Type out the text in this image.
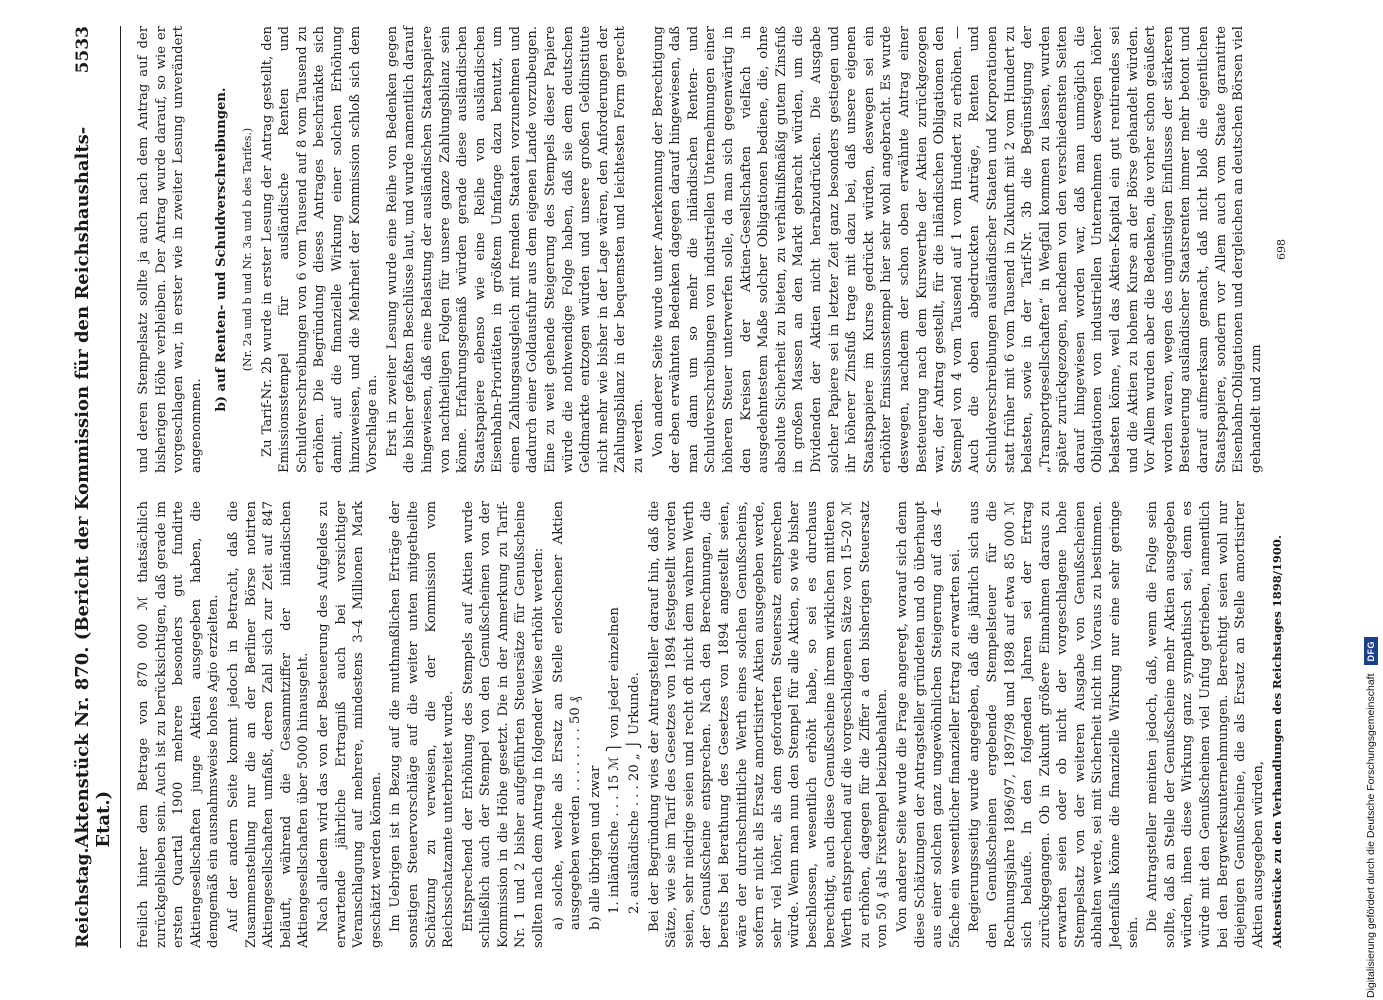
Reichstag.
Aktenstück Nr. 870. (Bericht der Kommission für den Reichshaushalts-Etat.)
5533

freilich hinter dem Betrage von 870 000 ℳ thatsächlich zurückgeblieben sein. Auch ist zu berücksichtigen, daß gerade im ersten Quartal 1900 mehrere besonders gut fundirte Aktiengesellschaften junge Aktien ausgegeben haben, die demgemäß ein ausnahmsweise hohes Agio erzielten. Auf der andern Seite kommt jedoch in Betracht, daß die Zusammenstellung nur die an der Berliner Börse notirten Aktiengesellschaften umfaßt, deren Zahl sich zur Zeit auf 847 beläuft, während die Gesammtziffer der inländischen Aktiengesellschaften über 5000 hinausgeht. Nach alledem wird das von der Besteuerung des Aufgeldes zu erwartende jährliche Ertragniß auch bei vorsichtiger Veranschlagung auf mehrere, mindestens 3–4 Millionen Mark geschätzt werden können. Im Uebrigen ist in Bezug auf die muthmaßlichen Erträge der sonstigen Steuervorschläge auf die weiter unten mitgetheilte Schätzung zu verweisen, die der Kommission vom Reichsschatzamte unterbreitet wurde. Entsprechend der Erhöhung des Stempels auf Aktien wurde schließlich auch der Stempel von den Genußscheinen von der Kommission in die Höhe gesetzt. Die in der Anmerkung zu Tarif-Nr. 1 und 2 bisher aufgeführten Steuersätze für Genußscheine sollten nach dem Antrag in folgender Weise erhöht werden: a) solche, welche als Ersatz an Stelle erloschener Aktien ausgegeben werden . . . . . . . . 50 ₰ b) alle übrigen und zwar 1. inländische . . . 15 ℳ ⎫ von jeder einzelnen 2. ausländische . . . 20 „ ⎭ Urkunde. Bei der Begründung wies der Antragsteller darauf hin, daß die Sätze, wie sie im Tarif des Gesetzes von 1894 festgestellt worden seien, sehr niedrige seien und recht oft nicht dem wahren Werth der Genußscheine entsprechen. Nach den Berechnungen, die bereits bei Berathung des Gesetzes von 1894 angestellt seien, wäre der durchschnittliche Werth eines solchen Genußscheins, sofern er nicht als Ersatz amortisirter Aktien ausgegeben werde, sehr viel höher, als dem geforderten Steuersatz entsprechen würde. Wenn man nun den Stempel für alle Aktien, so wie bisher beschlossen, wesentlich erhöht habe, so sei es durchaus berechtigt, auch diese Genußscheine ihrem wirklichen mittleren Werth entsprechend auf die vorgeschlagenen Sätze von 15–20 ℳ zu erhöhen, dagegen für die Ziffer a den bisherigen Steuersatz von 50 ₰ als Fixstempel beizubehalten. Von anderer Seite wurde die Frage angeregt, worauf sich denn diese Schätzungen der Antragsteller gründeten und ob überhaupt aus einer solchen ganz ungewöhnlichen Steigerung auf das 4–5fache ein wesentlicher finanzieller Ertrag zu erwarten sei. Regierungsseitig wurde angegeben, daß die jährlich sich aus den Genußscheinen ergebende Stempelsteuer für die Rechnungsjahre 1896/97, 1897/98 und 1898 auf etwa 85 000 ℳ sich belaufe. In den folgenden Jahren sei der Ertrag zurückgegangen. Ob in Zukunft größere Einnahmen daraus zu erwarten seien oder ob nicht der vorgeschlagene hohe Stempelsatz von der weiteren Ausgabe von Genußscheinen abhalten werde, sei mit Sicherheit nicht im Voraus zu bestimmen. Jedenfalls könne die finanzielle Wirkung nur eine sehr geringe sein.

Die Antragsteller meinten jedoch, daß, wenn die Folge sein sollte, daß an Stelle der Genußscheine mehr Aktien ausgegeben würden, ihnen diese Wirkung ganz sympathisch sei, denn es würde mit den Genußscheinen viel Unfug getrieben, namentlich bei den Bergwerksunternehmungen. Berechtigt seien wohl nur diejenigen Genußscheine, die als Ersatz an Stelle amortisirter Aktien ausgegeben würden, Aktenstücke zu den Verhandlungen des Reichstages 1898/1900.

und deren Stempelsatz sollte ja auch nach dem Antrag auf der bisherigen Höhe verbleiben. Der Antrag wurde darauf, so wie er vorgeschlagen war, in erster wie in zweiter Lesung unverändert angenommen.

b) auf Renten- und Schuldverschreibungen. (Nr. 2a und b und Nr. 3a und b des Tarifes.) Zu Tarif-Nr. 2b wurde in erster Lesung der Antrag gestellt, den Emissionsstempel für ausländische Renten und Schuldverschreibungen von 6 vom Tausend auf 8 vom Tausend zu erhöhen. Die Begründung dieses Antrages beschränkte sich damit, auf die finanzielle Wirkung einer solchen Erhöhung hinzuweisen, und die Mehrheit der Kommission schloß sich dem Vorschlage an. Erst in zweiter Lesung wurde eine Reihe von Bedenken gegen die bisher gefaßten Beschlüsse laut, und wurde namentlich darauf hingewiesen, daß eine Belastung der ausländischen Staatspapiere von nachtheiligen Folgen für unsere ganze Zahlungsbilanz sein könne. Erfahrungsgemäß würden gerade diese ausländischen Staatspapiere ebenso wie eine Reihe von ausländischen Eisenbahn-Prioritäten in größtem Umfange dazu benutzt, um einen Zahlungsausgleich mit fremden Staaten vorzunehmen und dadurch einer Goldausfuhr aus dem eigenen Lande vorzubeugen. Eine zu weit gehende Steigerung des Stempels dieser Papiere würde die nothwendige Folge haben, daß sie dem deutschen Geldmarkte entzogen würden und unsere großen Geldinstitute nicht mehr wie bisher in der Lage wären, den Anforderungen der Zahlungsbilanz in der bequemsten und leichtesten Form gerecht zu werden. Von anderer Seite wurde unter Anerkennung der Berechtigung der eben erwähnten Bedenken dagegen darauf hingewiesen, daß man dann um so mehr die inländischen Renten- und Schuldverschreibungen von industriellen Unternehmungen einer höheren Steuer unterwerfen solle, da man sich gegenwärtig in den Kreisen der Aktien-Gesellschaften vielfach in ausgedehntestem Maße solcher Obligationen bediene, die, ohne absolute Sicherheit zu bieten, zu verhältnißmäßig gutem Zinsfuß in großen Massen an den Markt gebracht würden, um die Dividenden der Aktien nicht herabzudrücken. Die Ausgabe solcher Papiere sei in letzter Zeit ganz besonders gestiegen und ihr höherer Zinsfuß trage mit dazu bei, daß unsere eigenen Staatspapiere im Kurse gedrückt würden, deswegen sei ein erhöhter Emissionsstempel hier sehr wohl angebracht. Es wurde deswegen, nachdem der schon oben erwähnte Antrag einer Besteuerung nach dem Kurswerthe der Aktien zurückgezogen war, der Antrag gestellt, für die inländischen Obligationen den Stempel von 4 vom Tausend auf 1 vom Hundert zu erhöhen. — Auch die oben abgedruckten Anträge, Renten und Schuldverschreibungen ausländischer Staaten und Korporationen statt früher mit 6 vom Tausend in Zukunft mit 2 vom Hundert zu belasten, sowie in der Tarif-Nr. 3b die Begünstigung der „Transportgesellschaften“ in Wegfall kommen zu lassen, wurden später zurückgezogen, nachdem von den verschiedensten Seiten darauf hingewiesen worden war, daß man unmöglich die Obligationen von industriellen Unternehmen deswegen höher belasten könne, weil das Aktien-Kapital ein gut rentirendes sei und die Aktien zu hohem Kurse an der Börse gehandelt würden. Vor Allem wurden aber die Bedenken, die vorher schon geäußert worden waren, wegen des ungünstigen Einflusses der stärkeren Besteuerung ausländischer Staatsrenten immer mehr betont und darauf aufmerksam gemacht, daß nicht bloß die eigentlichen Staatspapiere, sondern vor Allem auch vom Staate garantirte Eisenbahn-Obligationen und dergleichen an deutschen Börsen viel gehandelt und zum

698
Digitalisierung gefördert durch die Deutsche Forschungsgemeinschaft
DFG
